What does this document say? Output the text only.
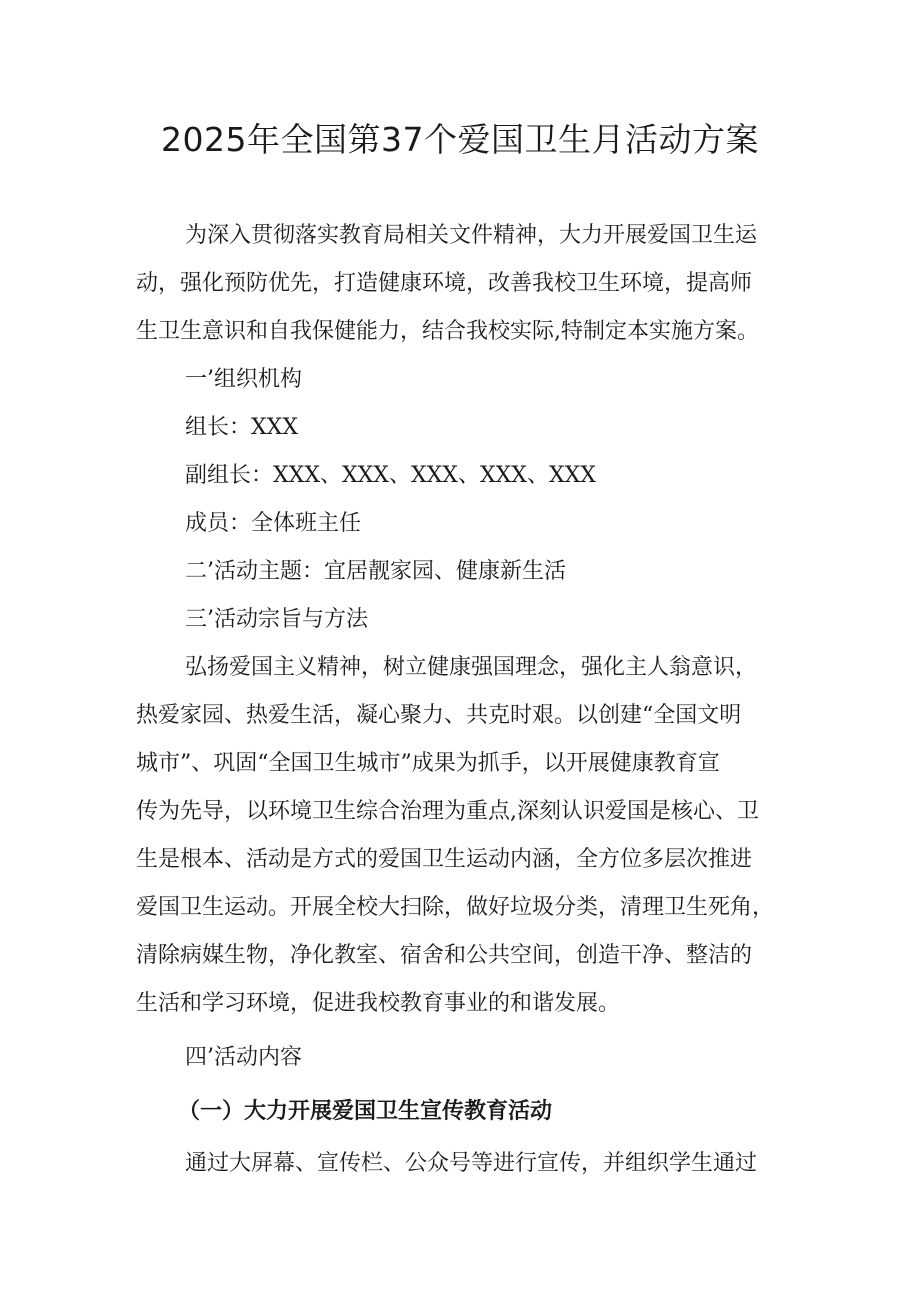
2025年全国第37个爱国卫生月活动方案

为深入贯彻落实教育局相关文件精神，大力开展爱国卫生运

动，强化预防优先，打造健康环境，改善我校卫生环境，提高师

生卫生意识和自我保健能力，结合我校实际,特制定本实施方案。

一’组织机构

组长：XXX

副组长：XXX、XXX、XXX、XXX、XXX

成员：全体班主任

二’活动主题：宜居靓家园、健康新生活

三’活动宗旨与方法

弘扬爱国主义精神，树立健康强国理念，强化主人翁意识，

热爱家园、热爱生活，凝心聚力、共克时艰。以创建“全国文明

城市”、巩固“全国卫生城市”成果为抓手，以开展健康教育宣

传为先导，以环境卫生综合治理为重点,深刻认识爱国是核心、卫

生是根本、活动是方式的爱国卫生运动内涵，全方位多层次推进

爱国卫生运动。开展全校大扫除，做好垃圾分类，清理卫生死角，

清除病媒生物，净化教室、宿舍和公共空间，创造干净、整洁的

生活和学习环境，促进我校教育事业的和谐发展。

四’活动内容

（一）大力开展爱国卫生宣传教育活动

通过大屏幕、宣传栏、公众号等进行宣传，并组织学生通过
